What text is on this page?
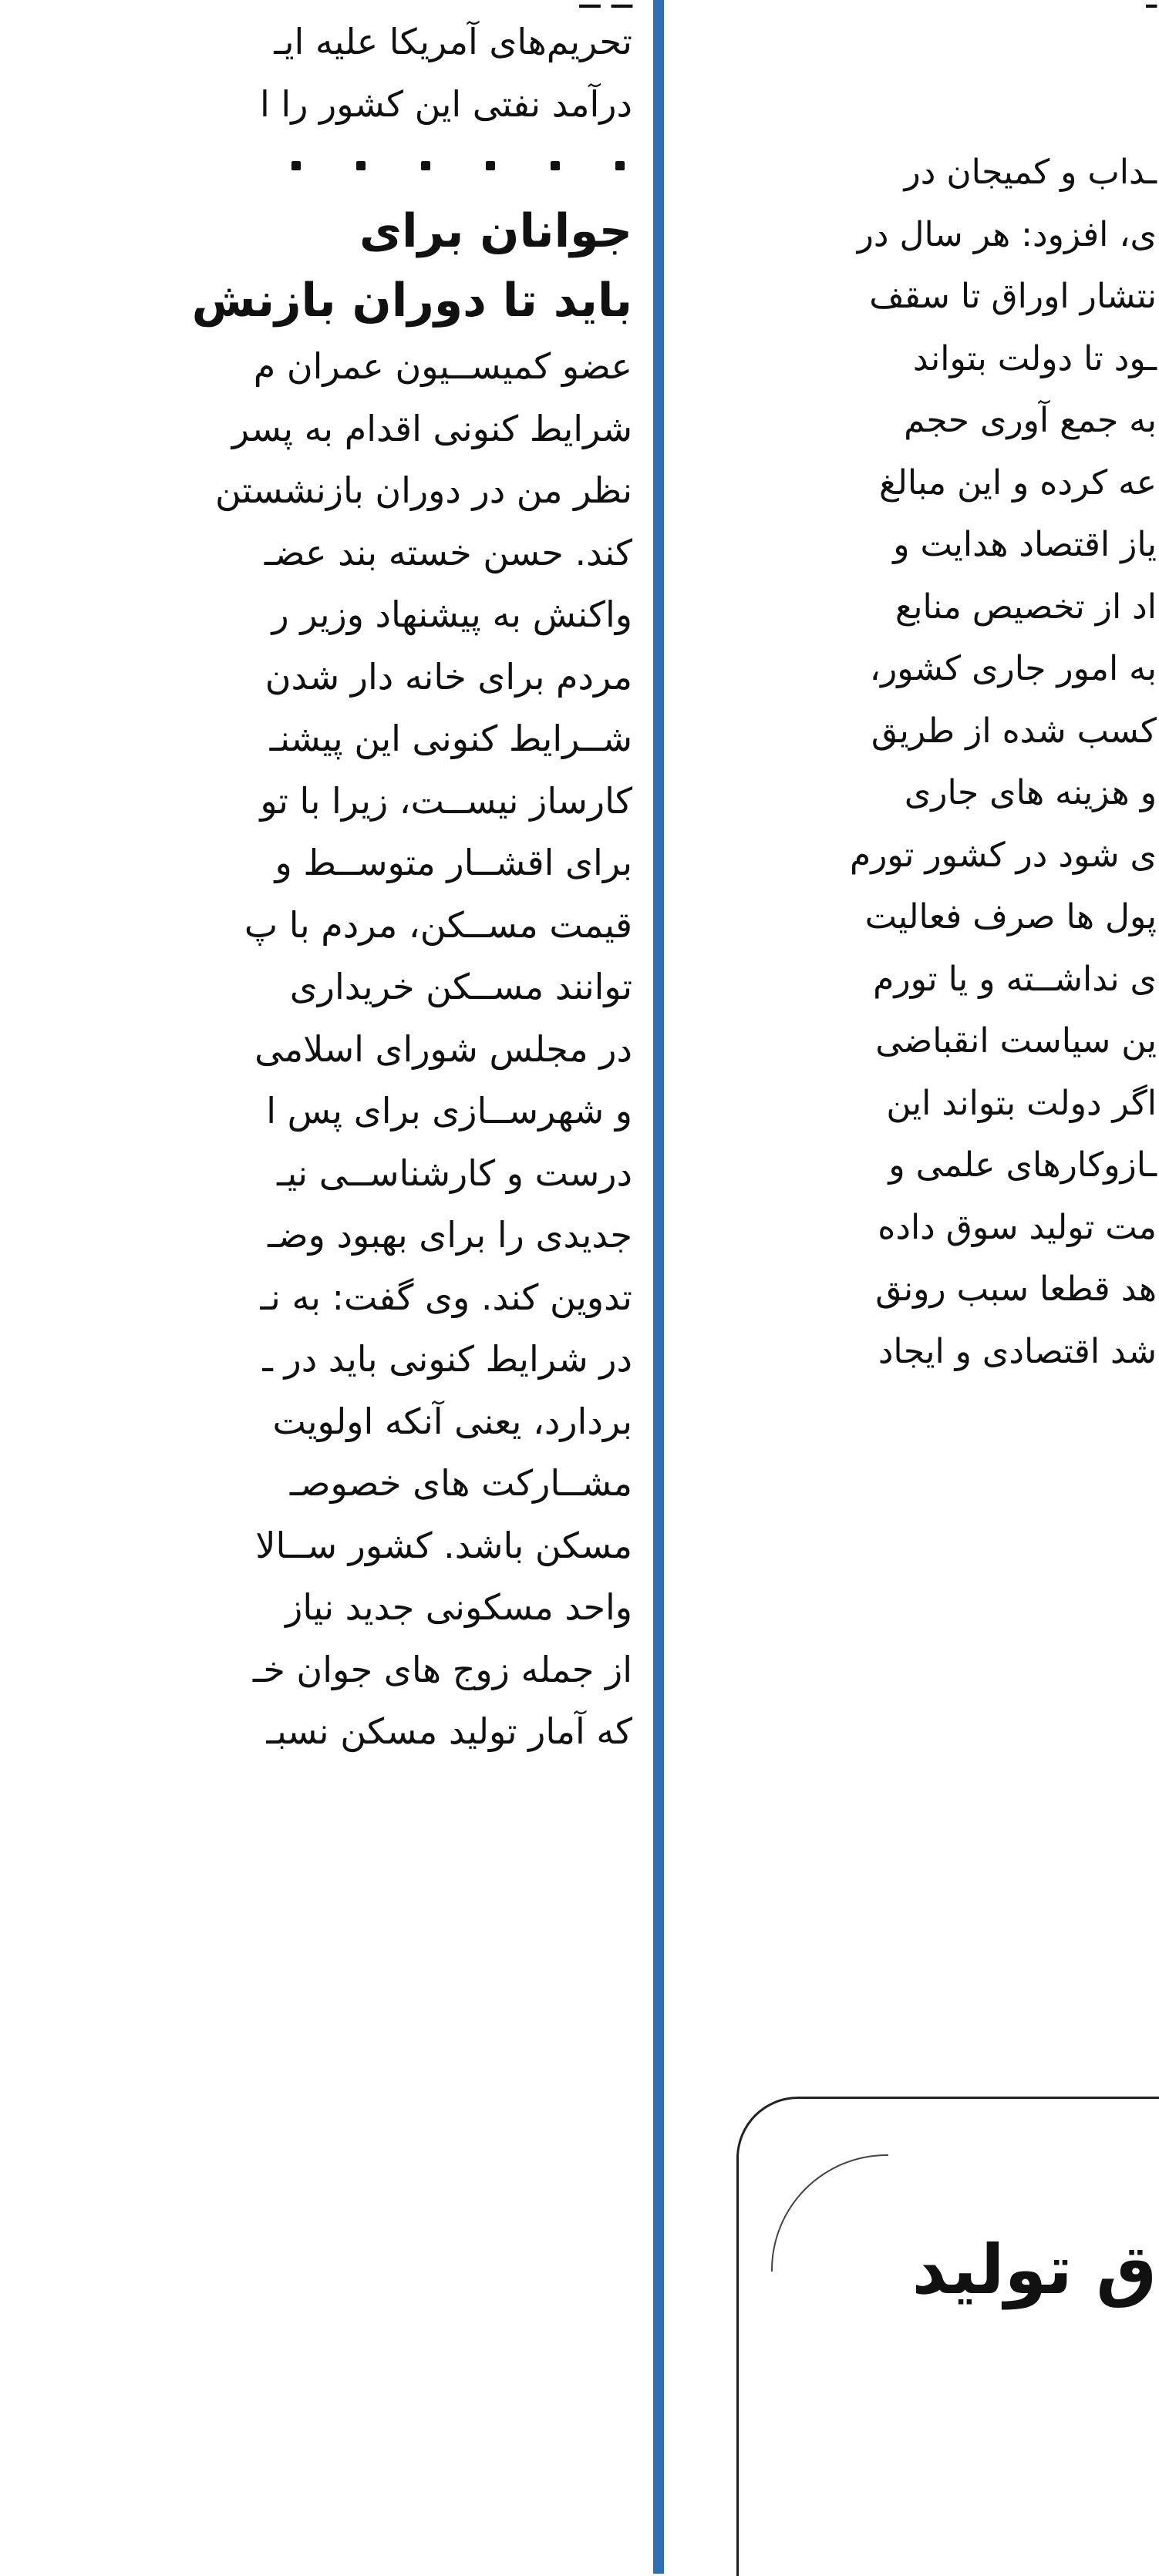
تحریم‌های آمریکا علیه ایـ
درآمد نفتی این کشور را ا
جوانان برای
باید تا دوران بازنش
عضو کمیســیون عمران م
شرایط کنونی اقدام به پسر
نظر من در دوران بازنشستن
کند. حسن خسته بند عضـ
واکنش به پیشنهاد وزیر ر
مردم برای خانه دار شدن
شــرایط کنونی این پیشنـ
کارساز نیســت، زیرا با تو
برای اقشــار متوســط و
قیمت مســکن، مردم با پ
توانند مســکن خریداری
در مجلس شورای اسلامی
و شهرســازی برای پس ا
درست و کارشناســی نیـ
جدیدی را برای بهبود وضـ
تدوین کند. وی گفت: به نـ
در شرایط کنونی باید در ـ
بردارد، یعنی آنکه اولویت
مشــارکت های خصوصـ
مسکن باشد. کشور ســالا
واحد مسکونی جدید نیاز
از جمله زوج های جوان خـ
که آمار تولید مسکن نسبـ
ـداب و کمیجان در
ی، افزود: هر سال در
نتشار اوراق تا سقف
ـود تا دولت بتواند
به جمع آوری حجم
عه کرده و این مبالغ
یاز اقتصاد هدایت و
اد از تخصیص منابع
به امور جاری کشور،
کسب شده از طریق
و هزینه های جاری
ی شود در کشور تورم
پول ها صرف فعالیت
ی نداشــته و یا تورم
ین سیاست انقباضی
اگر دولت بتواند این
ـازوکارهای علمی و
مت تولید سوق داده
هد قطعا سبب رونق
شد اقتصادی و ایجاد
ق تولید
